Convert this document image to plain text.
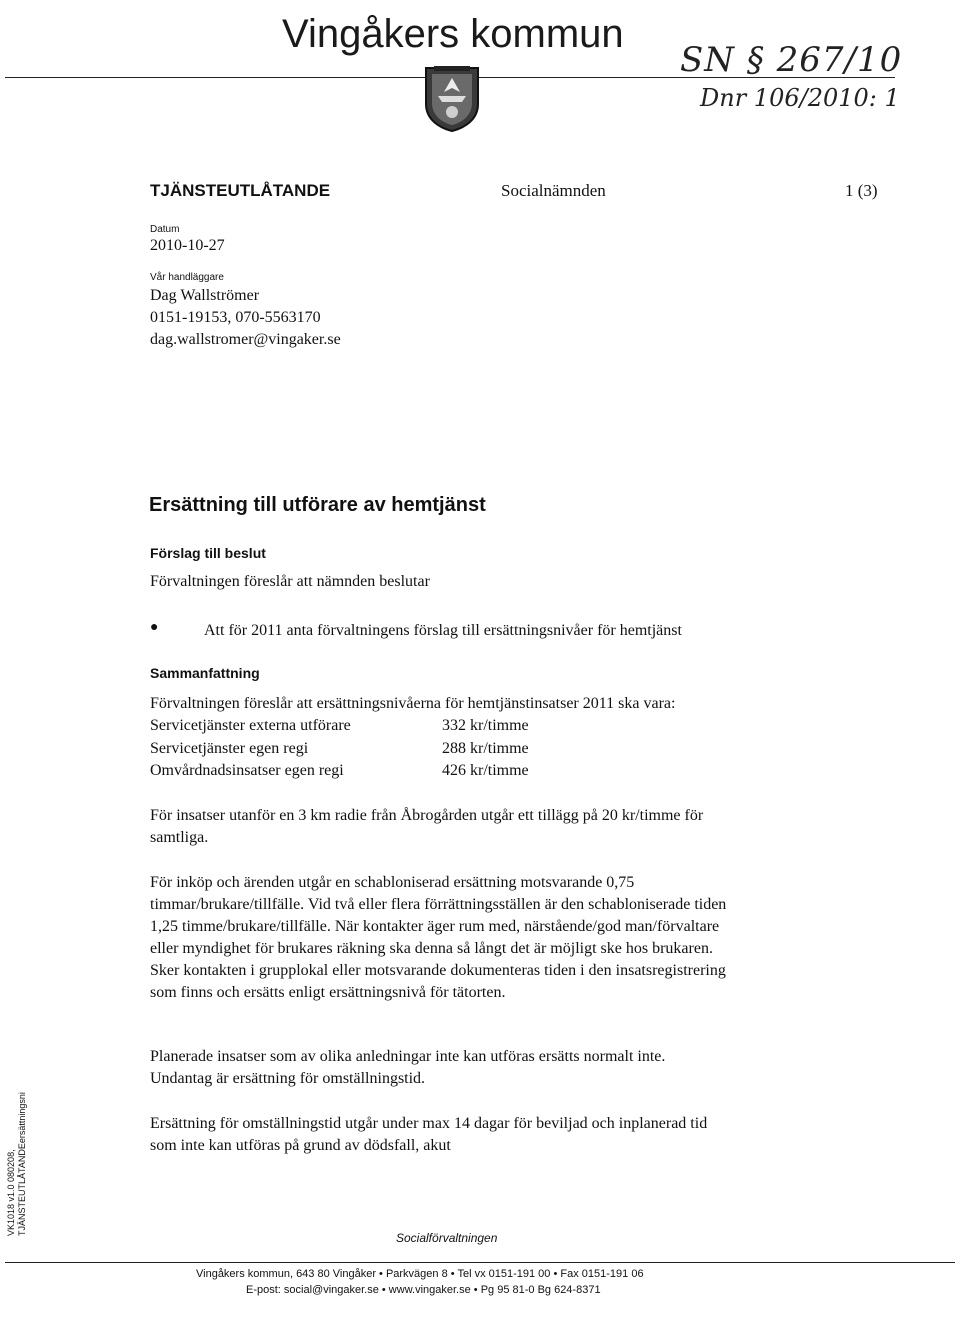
Vingåkers kommun
SN § 267/10
Dnr 106/2010: 1
TJÄNSTEUTLÅTANDE	Socialnämnden	1 (3)
Datum
2010-10-27
Vår handläggare
Dag Wallströmer
0151-19153, 070-5563170
dag.wallstromer@vingaker.se
Ersättning till utförare av hemtjänst
Förslag till beslut
Förvaltningen föreslår att nämnden beslutar
●	Att för 2011 anta förvaltningens förslag till ersättningsnivåer för hemtjänst
Sammanfattning
Förvaltningen föreslår att ersättningsnivåerna för hemtjänstinsatser 2011 ska vara:
Servicetjänster externa utförare	332 kr/timme
Servicetjänster egen regi	288 kr/timme
Omvårdnadsinsatser egen regi	426 kr/timme
För insatser utanför en 3 km radie från Åbrogården utgår ett tillägg på 20 kr/timme för samtliga.
För inköp och ärenden utgår en schabloniserad ersättning motsvarande 0,75 timmar/brukare/tillfälle. Vid två eller flera förrättningsställen är den schabloniserade tiden 1,25 timme/brukare/tillfälle. När kontakter äger rum med, närstående/god man/förvaltare eller myndighet för brukares räkning ska denna så långt det är möjligt ske hos brukaren. Sker kontakten i grupplokal eller motsvarande dokumenteras tiden i den insatsregistrering som finns och ersätts enligt ersättningsnivå för tätorten.
Planerade insatser som av olika anledningar inte kan utföras ersätts normalt inte. Undantag är ersättning för omställningstid.
Ersättning för omställningstid utgår under max 14 dagar för beviljad och inplanerad tid som inte kan utföras på grund av dödsfall, akut
VK1018 v1.0 080208, TJÄNSTEUTLÅTANDEersättningsni
Socialförvaltningen
Vingåkers kommun, 643 80 Vingåker • Parkvägen 8 • Tel vx 0151-191 00 • Fax 0151-191 06
E-post: social@vingaker.se • www.vingaker.se • Pg 95 81-0 Bg 624-8371
